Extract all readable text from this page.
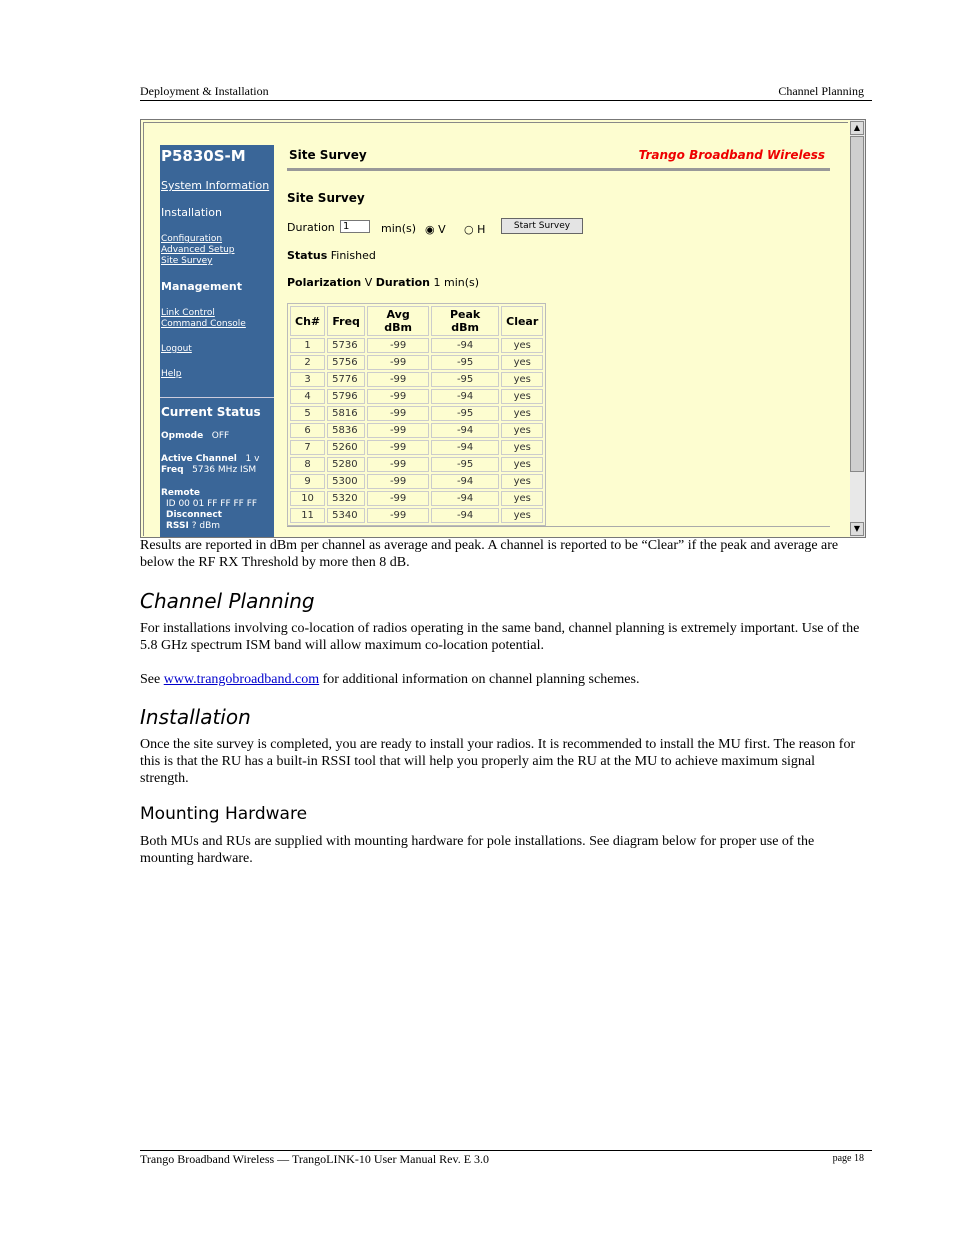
Deployment & Installation	Channel Planning
P5830S-M
System Information
Installation
Configuration
Advanced Setup
Site Survey
Management
Link Control
Command Console
Logout
Help
Current Status
Opmode OFF
Active Channel 1 v
Freq 5736 MHz ISM
Remote
ID 00 01 FF FF FF FF
Disconnect
RSSI ? dBm
Site Survey	Trango Broadband Wireless
Site Survey
Duration 1	min(s) ◉ V ○ H	Start Survey
Status Finished
Polarization V Duration 1 min(s)
Ch#	Freq	Avg dBm	Peak dBm	Clear
1	5736	-99	-94	yes
2	5756	-99	-95	yes
3	5776	-99	-95	yes
4	5796	-99	-94	yes
5	5816	-99	-95	yes
6	5836	-99	-94	yes
7	5260	-99	-94	yes
8	5280	-99	-95	yes
9	5300	-99	-94	yes
10	5320	-99	-94	yes
11	5340	-99	-94	yes
▲
▼
Results are reported in dBm per channel as average and peak. A channel is reported to be “Clear” if the peak and average are below the RF RX Threshold by more then 8 dB.
Channel Planning
For installations involving co-location of radios operating in the same band, channel planning is extremely important. Use of the 5.8 GHz spectrum ISM band will allow maximum co-location potential.
See www.trangobroadband.com for additional information on channel planning schemes.
Installation
Once the site survey is completed, you are ready to install your radios. It is recommended to install the MU first. The reason for this is that the RU has a built-in RSSI tool that will help you properly aim the RU at the MU to achieve maximum signal strength.
Mounting Hardware
Both MUs and RUs are supplied with mounting hardware for pole installations. See diagram below for proper use of the mounting hardware.
Trango Broadband Wireless — TrangoLINK-10 User Manual Rev. E 3.0	page 18
